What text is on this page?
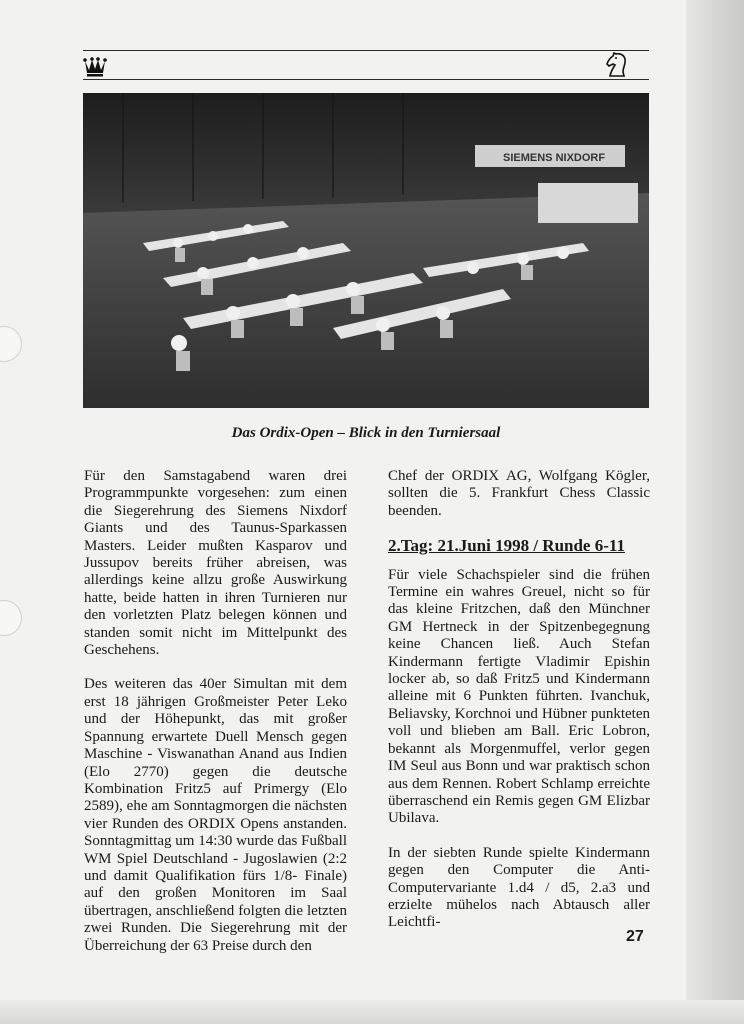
SIEMENS NIXDORF

Das Ordix-Open – Blick in den Turniersaal

Für den Samstagabend waren drei Programmpunkte vorgesehen: zum einen die Siegerehrung des Siemens Nixdorf Giants und des Taunus-Sparkassen Masters. Leider mußten Kasparov und Jussupov bereits früher abreisen, was allerdings keine allzu große Auswirkung hatte, beide hatten in ihren Turnieren nur den vorletzten Platz belegen können und standen somit nicht im Mittelpunkt des Geschehens.

Des weiteren das 40er Simultan mit dem erst 18 jährigen Großmeister Peter Leko und der Höhepunkt, das mit großer Spannung erwartete Duell Mensch gegen Maschine - Viswanathan Anand aus Indien (Elo 2770) gegen die deutsche Kombination Fritz5 auf Primergy (Elo 2589), ehe am Sonntagmorgen die nächsten vier Runden des ORDIX Opens anstanden. Sonntagmittag um 14:30 wurde das Fußball WM Spiel Deutschland - Jugoslawien (2:2 und damit Qualifikation fürs 1/8- Finale) auf den großen Monitoren im Saal übertragen, anschließend folgten die letzten zwei Runden. Die Siegerehrung mit der Überreichung der 63 Preise durch den

Chef der ORDIX AG, Wolfgang Kögler, sollten die 5. Frankfurt Chess Classic beenden.

2.Tag: 21.Juni 1998 / Runde 6-11

Für viele Schachspieler sind die frühen Termine ein wahres Greuel, nicht so für das kleine Fritzchen, daß den Münchner GM Hertneck in der Spitzenbegegnung keine Chancen ließ. Auch Stefan Kindermann fertigte Vladimir Epishin locker ab, so daß Fritz5 und Kindermann alleine mit 6 Punkten führten. Ivanchuk, Beliavsky, Korchnoi und Hübner punkteten voll und blieben am Ball. Eric Lobron, bekannt als Morgenmuffel, verlor gegen IM Seul aus Bonn und war praktisch schon aus dem Rennen. Robert Schlamp erreichte überraschend ein Remis gegen GM Elizbar Ubilava.

In der siebten Runde spielte Kindermann gegen den Computer die Anti-Computervariante 1.d4 / d5, 2.a3 und erzielte mühelos nach Abtausch aller Leichtfi-

27
